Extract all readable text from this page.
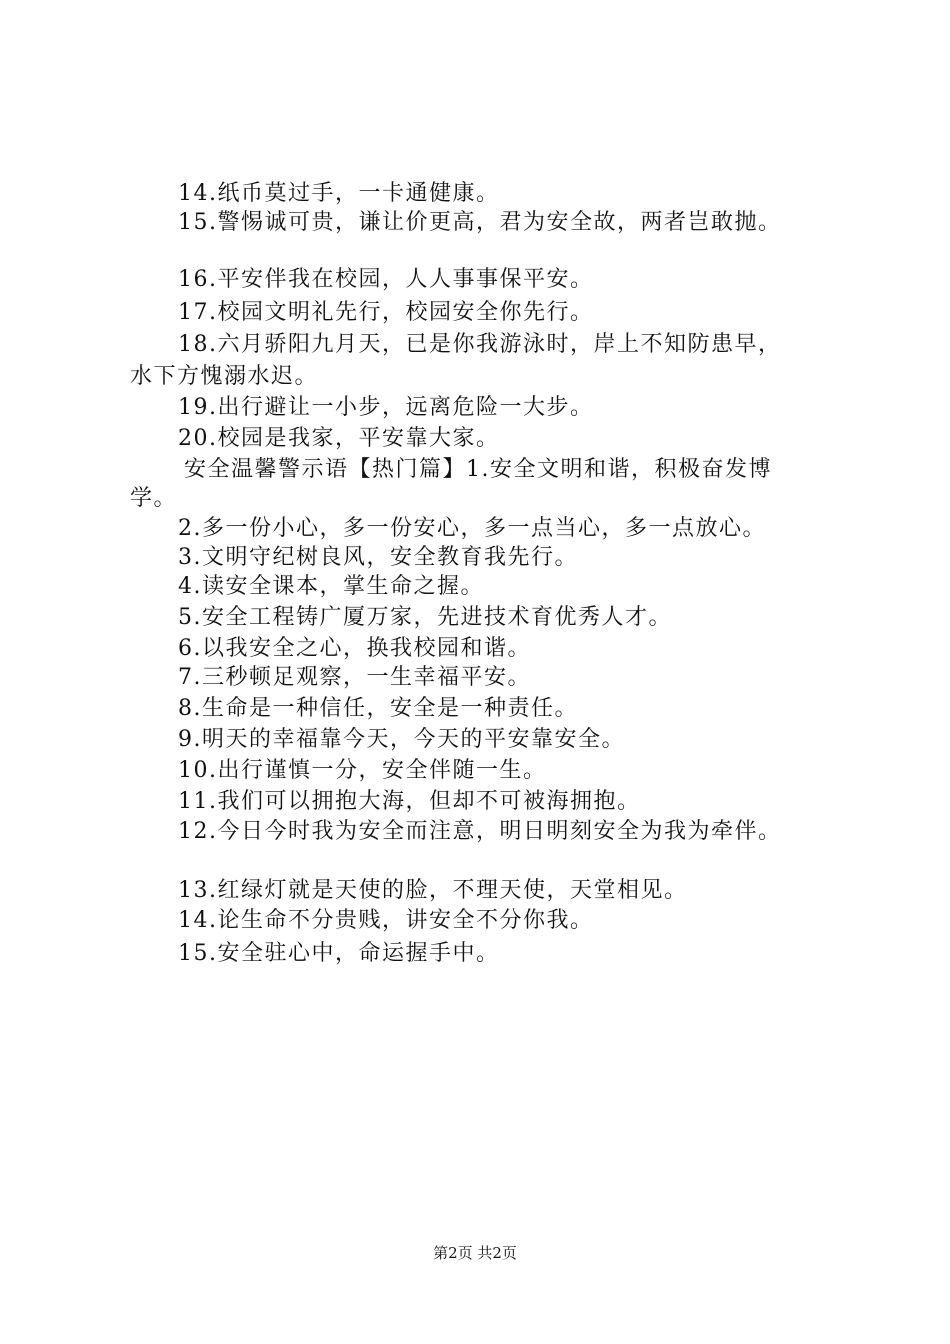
14.纸币莫过手，一卡通健康。
15.警惕诚可贵，谦让价更高，君为安全故，两者岂敢抛。
16.平安伴我在校园，人人事事保平安。
17.校园文明礼先行，校园安全你先行。
18.六月骄阳九月天，已是你我游泳时，岸上不知防患早，
水下方愧溺水迟。
19.出行避让一小步，远离危险一大步。
20.校园是我家，平安靠大家。
安全温馨警示语【热门篇】1.安全文明和谐，积极奋发博
学。
2.多一份小心，多一份安心，多一点当心，多一点放心。
3.文明守纪树良风，安全教育我先行。
4.读安全课本，掌生命之握。
5.安全工程铸广厦万家，先进技术育优秀人才。
6.以我安全之心，换我校园和谐。
7.三秒顿足观察，一生幸福平安。
8.生命是一种信任，安全是一种责任。
9.明天的幸福靠今天，今天的平安靠安全。
10.出行谨慎一分，安全伴随一生。
11.我们可以拥抱大海，但却不可被海拥抱。
12.今日今时我为安全而注意，明日明刻安全为我为牵伴。
13.红绿灯就是天使的脸，不理天使，天堂相见。
14.论生命不分贵贱，讲安全不分你我。
15.安全驻心中，命运握手中。
第2页 共2页
